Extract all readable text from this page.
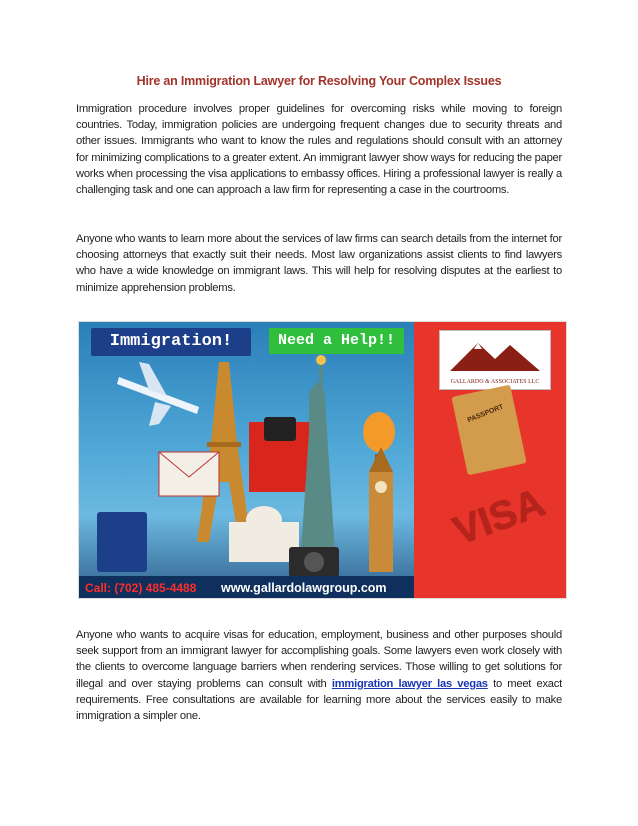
Hire an Immigration Lawyer for Resolving Your Complex Issues
Immigration procedure involves proper guidelines for overcoming risks while moving to foreign countries. Today, immigration policies are undergoing frequent changes due to security threats and other issues. Immigrants who want to know the rules and regulations should consult with an attorney for minimizing complications to a greater extent. An immigrant lawyer show ways for reducing the paper works when processing the visa applications to embassy offices. Hiring a professional lawyer is really a challenging task and one can approach a law firm for representing a case in the courtrooms.
Anyone who wants to learn more about the services of law firms can search details from the internet for choosing attorneys that exactly suit their needs. Most law organizations assist clients to find lawyers who have a wide knowledge on immigrant laws. This will help for resolving disputes at the earliest to minimize apprehension problems.
Immigration!	Need a Help!!
GALLARDO & ASSOCIATES LLC
PASSPORT
VISA
Call: (702) 485-4488 www.gallardolawgroup.com
Anyone who wants to acquire visas for education, employment, business and other purposes should seek support from an immigrant lawyer for accomplishing goals. Some lawyers even work closely with the clients to overcome language barriers when rendering services. Those willing to get solutions for illegal and over staying problems can consult with immigration lawyer las vegas to meet exact requirements. Free consultations are available for learning more about the services easily to make immigration a simpler one.
